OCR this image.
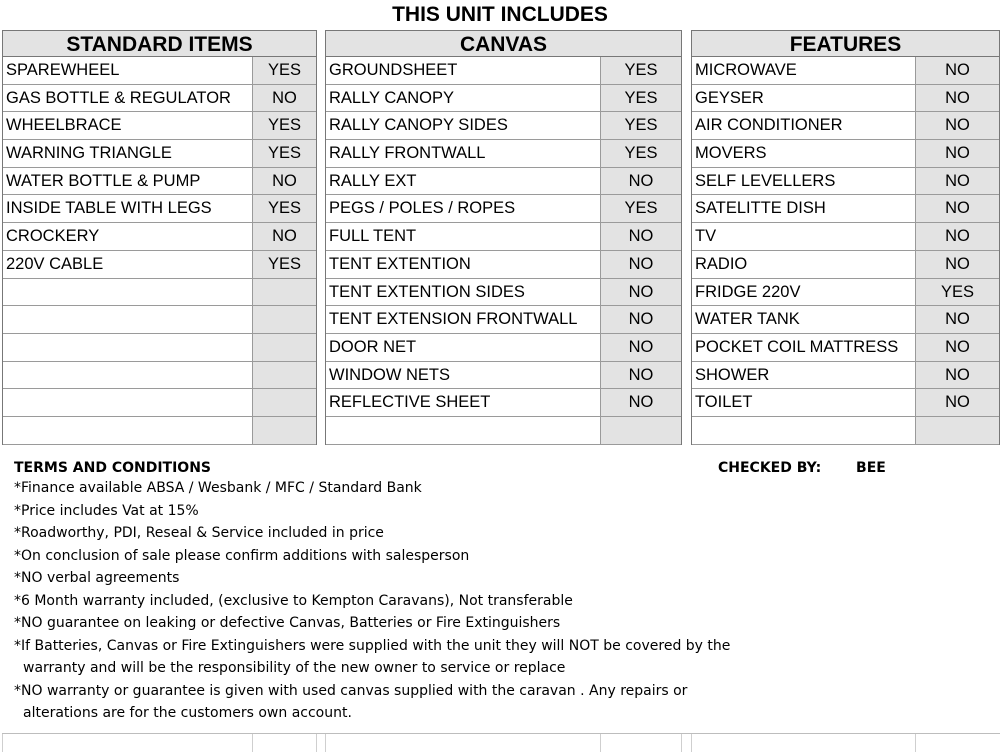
THIS UNIT INCLUDES
STANDARD ITEMS
SPAREWHEEL	YES
GAS BOTTLE & REGULATOR	NO
WHEELBRACE	YES
WARNING TRIANGLE	YES
WATER BOTTLE & PUMP	NO
INSIDE TABLE WITH LEGS	YES
CROCKERY	NO
220V CABLE	YES
CANVAS
GROUNDSHEET	YES
RALLY CANOPY	YES
RALLY CANOPY SIDES	YES
RALLY FRONTWALL	YES
RALLY EXT	NO
PEGS / POLES / ROPES	YES
FULL TENT	NO
TENT EXTENTION	NO
TENT EXTENTION SIDES	NO
TENT EXTENSION FRONTWALL	NO
DOOR NET	NO
WINDOW NETS	NO
REFLECTIVE SHEET	NO
FEATURES
MICROWAVE	NO
GEYSER	NO
AIR CONDITIONER	NO
MOVERS	NO
SELF LEVELLERS	NO
SATELITTE DISH	NO
TV	NO
RADIO	NO
FRIDGE 220V	YES
WATER TANK	NO
POCKET COIL MATTRESS	NO
SHOWER	NO
TOILET	NO
TERMS AND CONDITIONS
*Finance available ABSA / Wesbank / MFC / Standard Bank
*Price includes Vat at 15%
*Roadworthy, PDI, Reseal & Service included in price
*On conclusion of sale please confirm additions with salesperson
*NO verbal agreements
*6 Month warranty included, (exclusive to Kempton Caravans), Not transferable
*NO guarantee on leaking or defective Canvas, Batteries or Fire Extinguishers
*If Batteries, Canvas or Fire Extinguishers were supplied with the unit they will NOT be covered by the
warranty and will be the responsibility of the new owner to service or replace
*NO warranty or guarantee is given with used canvas supplied with the caravan . Any repairs or
alterations are for the customers own account.
CHECKED BY: BEE
